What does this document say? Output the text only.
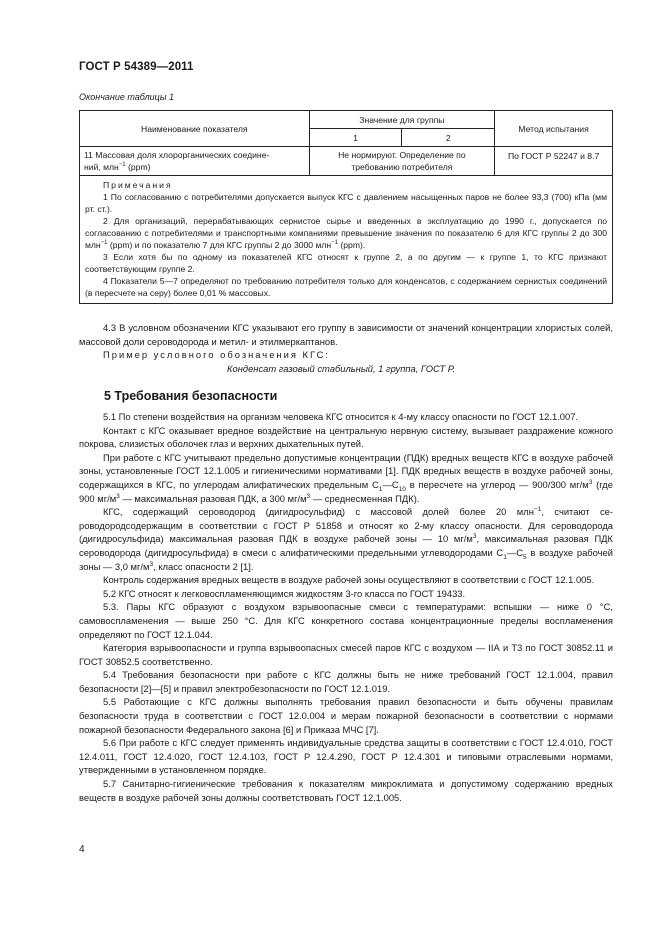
ГОСТ Р 54389—2011
Окончание таблицы 1
Наименование показателя	Значение для группы		Метод испытания
	1	2	
11 Массовая доля хлорорганических соедине-
ний, млн$^{-1}$ (ppm)	Не нормируют. Определение по требованию потребителя		По ГОСТ Р 52247 и 8.7

Примечания

1 По согласованию с потребителями допускается выпуск КГС с давлением насыщенных паров не более 93,3 (700) кПа (мм рт. ст.).

2 Для организаций, перерабатывающих сернистое сырье и введенных в эксплуатацию до 1990 г., допускается по согласованию с потребителями и транспортными компаниями превышение значения по показателю 6 для КГС группы 2 до 300 млн$^{-1}$ (ppm) и по показателю 7 для КГС группы 2 до 3000 млн$^{-1}$ (ppm).

3 Если хотя бы по одному из показателей КГС относят к группе 2, а по другим — к группе 1, то КГС признают соответствующим группе 2.

4 Показатели 5—7 определяют по требованию потребителя только для конденсатов, с содержанием сернистых соединений (в пересчете на серу) более 0,01 % массовых.			

4.3 В условном обозначении КГС указывают его группу в зависимости от значений концентрации хлористых солей, массовой доли сероводорода и метил- и этилмеркаптанов.

Пример условного обозначения КГС:

Конденсат газовый стабильный, 1 группа, ГОСТ Р.

5 Требования безопасности

5.1 По степени воздействия на организм человека КГС относится к 4-му классу опасности по ГОСТ 12.1.007.

Контакт с КГС оказывает вредное воздействие на центральную нервную систему, вызывает раздражение кожного покрова, слизистых оболочек глаз и верхних дыхательных путей.

При работе с КГС учитывают предельно допустимые концентрации (ПДК) вредных веществ КГС в воздухе рабочей зоны, установленные ГОСТ 12.1.005 и гигиеническими нормативами [1]. ПДК вредных веществ в воздухе рабочей зоны, содержащихся в КГС, по углеродам алифатических предельным $С_1—С_{10}$ в пересчете на углерод — 900/300 $мг/м^3$ (где 900 $мг/м^3$ — максимальная разовая ПДК, а 300 $мг/м^3$ — среднесменная ПДК).

КГС, содержащий сероводород (дигидросульфид) с массовой долей более 20 млн$^{-1}$, считают сероводородсодержащим в соответствии с ГОСТ Р 51858 и относят ко 2-му классу опасности. Для сероводорода (дигидросульфида) максимальная разовая ПДК в воздухе рабочей зоны — 10 $мг/м^3$, максимальная разовая ПДК сероводорода (дигидросульфида) в смеси с алифатическими предельными углеводородами $С_1—С_5$ в воздухе рабочей зоны — 3,0 $мг/м^3$, класс опасности 2 [1].

Контроль содержания вредных веществ в воздухе рабочей зоны осуществляют в соответствии с ГОСТ 12.1.005.

5.2 КГС относят к легковоспламеняющимся жидкостям 3-го класса по ГОСТ 19433.

5.3. Пары КГС образуют с воздухом взрывоопасные смеси с температурами: вспышки — ниже 0 °С, самовоспламенения — выше 250 °С. Для КГС конкретного состава концентрационные пределы воспламенения определяют по ГОСТ 12.1.044.

Категория взрывоопасности и группа взрывоопасных смесей паров КГС с воздухом — IIА и Т3 по ГОСТ 30852.11 и ГОСТ 30852.5 соответственно.

5.4 Требования безопасности при работе с КГС должны быть не ниже требований ГОСТ 12.1.004, правил безопасности [2]—[5] и правил электробезопасности по ГОСТ 12.1.019.

5.5 Работающие с КГС должны выполнять требования правил безопасности и быть обучены правилам безопасности труда в соответствии с ГОСТ 12.0.004 и мерам пожарной безопасности в соответствии с нормами пожарной безопасности Федерального закона [6] и Приказа МЧС [7].

5.6 При работе с КГС следует применять индивидуальные средства защиты в соответствии с ГОСТ 12.4.010, ГОСТ 12.4.011, ГОСТ 12.4.020, ГОСТ 12.4.103, ГОСТ Р 12.4.290, ГОСТ Р 12.4.301 и типовыми отраслевыми нормами, утвержденными в установленном порядке.

5.7 Санитарно-гигиенические требования к показателям микроклимата и допустимому содержанию вредных веществ в воздухе рабочей зоны должны соответствовать ГОСТ 12.1.005.

4
